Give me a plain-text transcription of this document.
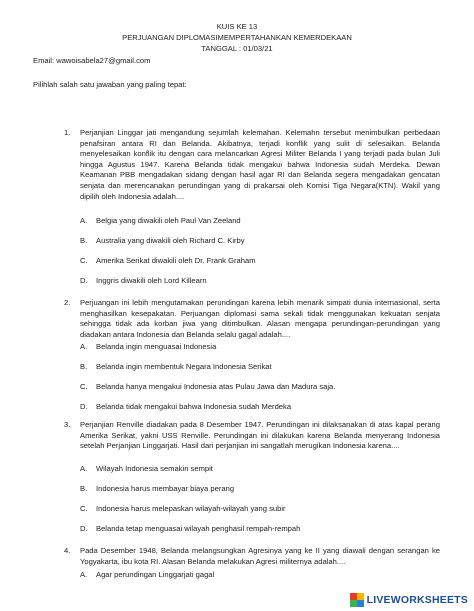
KUIS KE 13
PERJUANGAN DIPLOMASIMEMPERTAHANKAN KEMERDEKAAN
TANGGAL : 01/03/21
Email: wawoisabela27@gmail.com
Pilihlah salah satu jawaban yang paling tepat:
1. Perjanjian Linggar jati mengandung sejumlah kelemahan. Kelemahn tersebut menimbulkan perbedaan penafsiran antara RI dan Belanda. Akibatnya, terjadi konflik yang sulit di selesaikan. Belanda menyelesaikan konflik itu dengan cara melancarkan Agresi Militer Belanda I yang terjadi pada bulan Juli hingga Agustus 1947. Karena Belanda tidak mengakui bahwa Indonesia sudah Merdeka. Dewan Keamanan PBB mengadakan sidang dengan hasil agar RI dan Belanda segera mengadakan gencatan senjata dan merencanakan perundingan yang di prakarsai oleh Komisi Tiga Negara(KTN). Wakil yang dipilih oleh Indonesia adalah....
A. Belgia yang diwakili oleh Paul Van Zeeland
B. Australia yang diwakili oleh Richard C. Kirby
C. Amerika Serikat diwakili oleh Dr. Frank Graham
D. Inggris diwakili oleh Lord Killearn
2. Perjuangan ini lebih mengutamakan perundingan karena lebih menarik simpati dunia internasional, serta menghasilkan kesepakatan. Perjuangan diplomasi sama sekali tidak menggunakan kekuatan senjata sehingga tidak ada korban jiwa yang ditimbulkan. Alasan mengapa perundingan-perundingan yang diadakan antara Indonesia dan Belanda selalu gagal adalah....
A. Belanda ingin menguasai Indonesia
B. Belanda ingin membentuk Negara Indonesia Serikat
C. Belanda hanya mengakui Indonesia atas Pulau Jawa dan Madura saja.
D. Belanda tidak mengakui bahwa Indonesia sudah Merdeka
3. Perjanjian Renville diadakan pada 8 Desember 1947. Perundingan ini dilaksanakan di atas kapal perang Amerika Serikat, yakni USS Renville. Perundingan ini dilakukan karena Belanda menyerang Indonesia setelah Perjanjian Linggarjati. Hasil dari perjanjian ini sangatlah merugikan Indonesia karena....
A. Wilayah Indonesia semakin sempit
B. Indonesia harus membayar biaya perang
C. Indonesia harus melepaskan wilayah-wilayah yang subir
D. Belanda tetap menguasai wilayah penghasil rempah-rempah
4. Pada Desember 1948, Belanda melangsungkan Agresinya yang ke II yang diawali dengan serangan ke Yogyakarta, ibu kota RI. Alasan Belanda melakukan Agresi militernya adalah....
A. Agar perundingan Linggarjati gagal
LIVEWORKSHEETS
